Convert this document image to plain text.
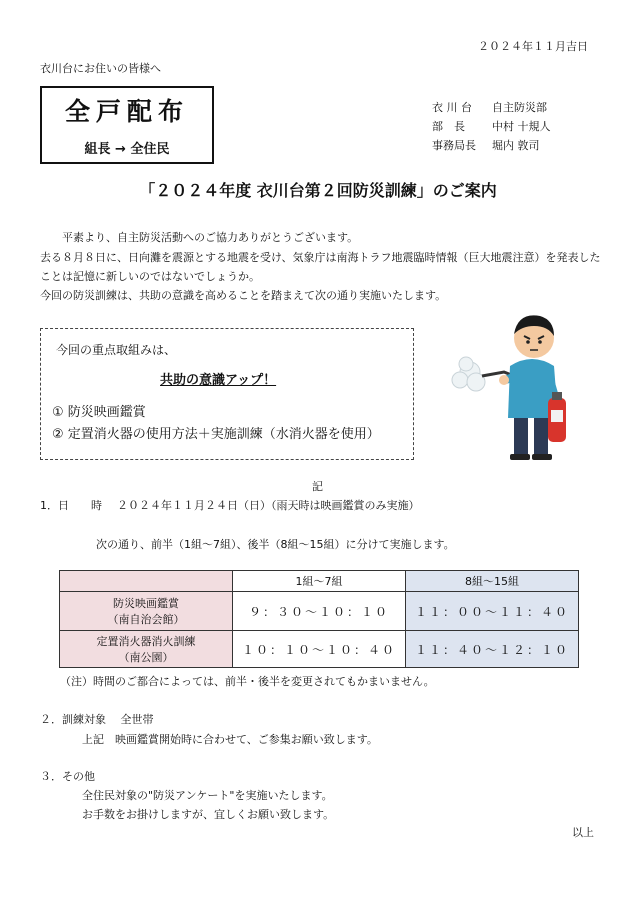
２０２４年１１月吉日
衣川台にお住いの皆様へ
全戸配布
組長 → 全住民
衣 川 台 自主防災部
部　長 中村 十規人
事務局長 堀内 敦司
「２０２４年度 衣川台第２回防災訓練」のご案内
平素より、自主防災活動へのご協力ありがとうございます。
去る８月８日に、日向灘を震源とする地震を受け、気象庁は南海トラフ地震臨時情報（巨大地震注意）を発表した
ことは記憶に新しいのではないでしょうか。
今回の防災訓練は、共助の意識を高めることを踏まえて次の通り実施いたします。
今回の重点取組みは、
共助の意識アップ！
① 防災映画鑑賞
② 定置消火器の使用方法＋実施訓練（水消火器を使用）
記
1．日　　時 ２０２４年１１月２４日（日）（雨天時は映画鑑賞のみ実施）
次の通り、前半（1組～7組）、後半（8組～15組）に分けて実施します。
	1組～7組	8組～15組

防災映画鑑賞
（南自治会館）	９：３０～１０：１０	１１：００～１１：４０

定置消火器消火訓練
（南公園）	１０：１０～１０：４０	１１：４０～１２：１０
（注）時間のご都合によっては、前半・後半を変更されてもかまいません。
２．訓練対象　 全世帯
上記　映画鑑賞開始時に合わせて、ご参集お願い致します。
３．その他
全住民対象の"防災アンケート"を実施いたします。
お手数をお掛けしますが、宜しくお願い致します。
以上
